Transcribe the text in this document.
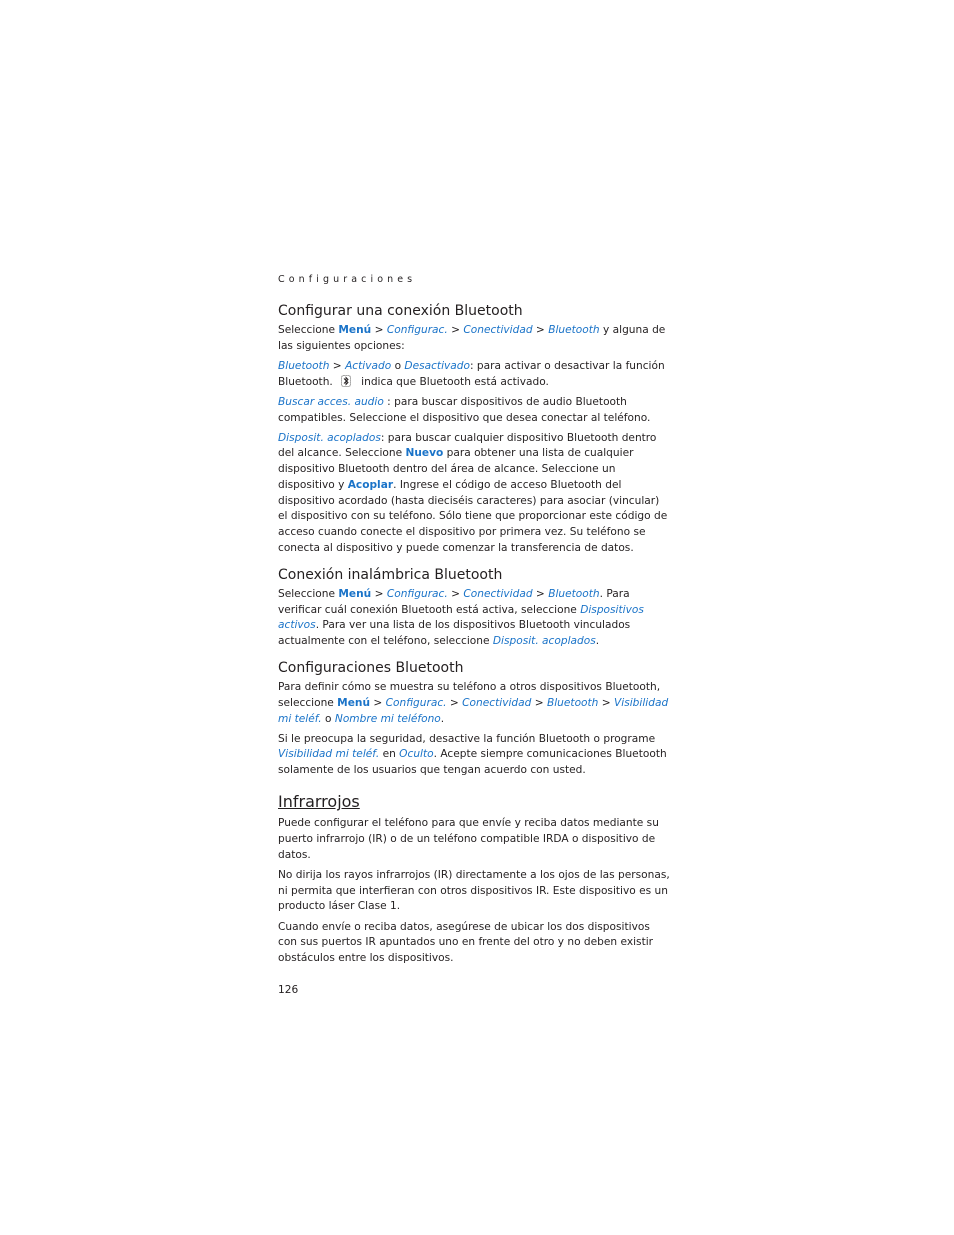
Configuraciones
Configurar una conexión Bluetooth

Seleccione Menú > Configurac. > Conectividad > Bluetooth y alguna de las siguientes opciones:

Bluetooth > Activado o Desactivado: para activar o desactivar la función Bluetooth. indica que Bluetooth está activado.

Buscar acces. audio : para buscar dispositivos de audio Bluetooth compatibles. Seleccione el dispositivo que desea conectar al teléfono.

Disposit. acoplados: para buscar cualquier dispositivo Bluetooth dentro del alcance. Seleccione Nuevo para obtener una lista de cualquier dispositivo Bluetooth dentro del área de alcance. Seleccione un dispositivo y Acoplar. Ingrese el código de acceso Bluetooth del dispositivo acordado (hasta dieciséis caracteres) para asociar (vincular) el dispositivo con su teléfono. Sólo tiene que proporcionar este código de acceso cuando conecte el dispositivo por primera vez. Su teléfono se conecta al dispositivo y puede comenzar la transferencia de datos.

Conexión inalámbrica Bluetooth

Seleccione Menú > Configurac. > Conectividad > Bluetooth. Para verificar cuál conexión Bluetooth está activa, seleccione Dispositivos activos. Para ver una lista de los dispositivos Bluetooth vinculados actualmente con el teléfono, seleccione Disposit. acoplados.

Configuraciones Bluetooth

Para definir cómo se muestra su teléfono a otros dispositivos Bluetooth, seleccione Menú > Configurac. > Conectividad > Bluetooth > Visibilidad mi teléf. o Nombre mi teléfono.

Si le preocupa la seguridad, desactive la función Bluetooth o programe Visibilidad mi teléf. en Oculto. Acepte siempre comunicaciones Bluetooth solamente de los usuarios que tengan acuerdo con usted.

Infrarrojos

Puede configurar el teléfono para que envíe y reciba datos mediante su puerto infrarrojo (IR) o de un teléfono compatible IRDA o dispositivo de datos.

No dirija los rayos infrarrojos (IR) directamente a los ojos de las personas, ni permita que interfieran con otros dispositivos IR. Este dispositivo es un producto láser Clase 1.

Cuando envíe o reciba datos, asegúrese de ubicar los dos dispositivos con sus puertos IR apuntados uno en frente del otro y no deben existir obstáculos entre los dispositivos.

126
